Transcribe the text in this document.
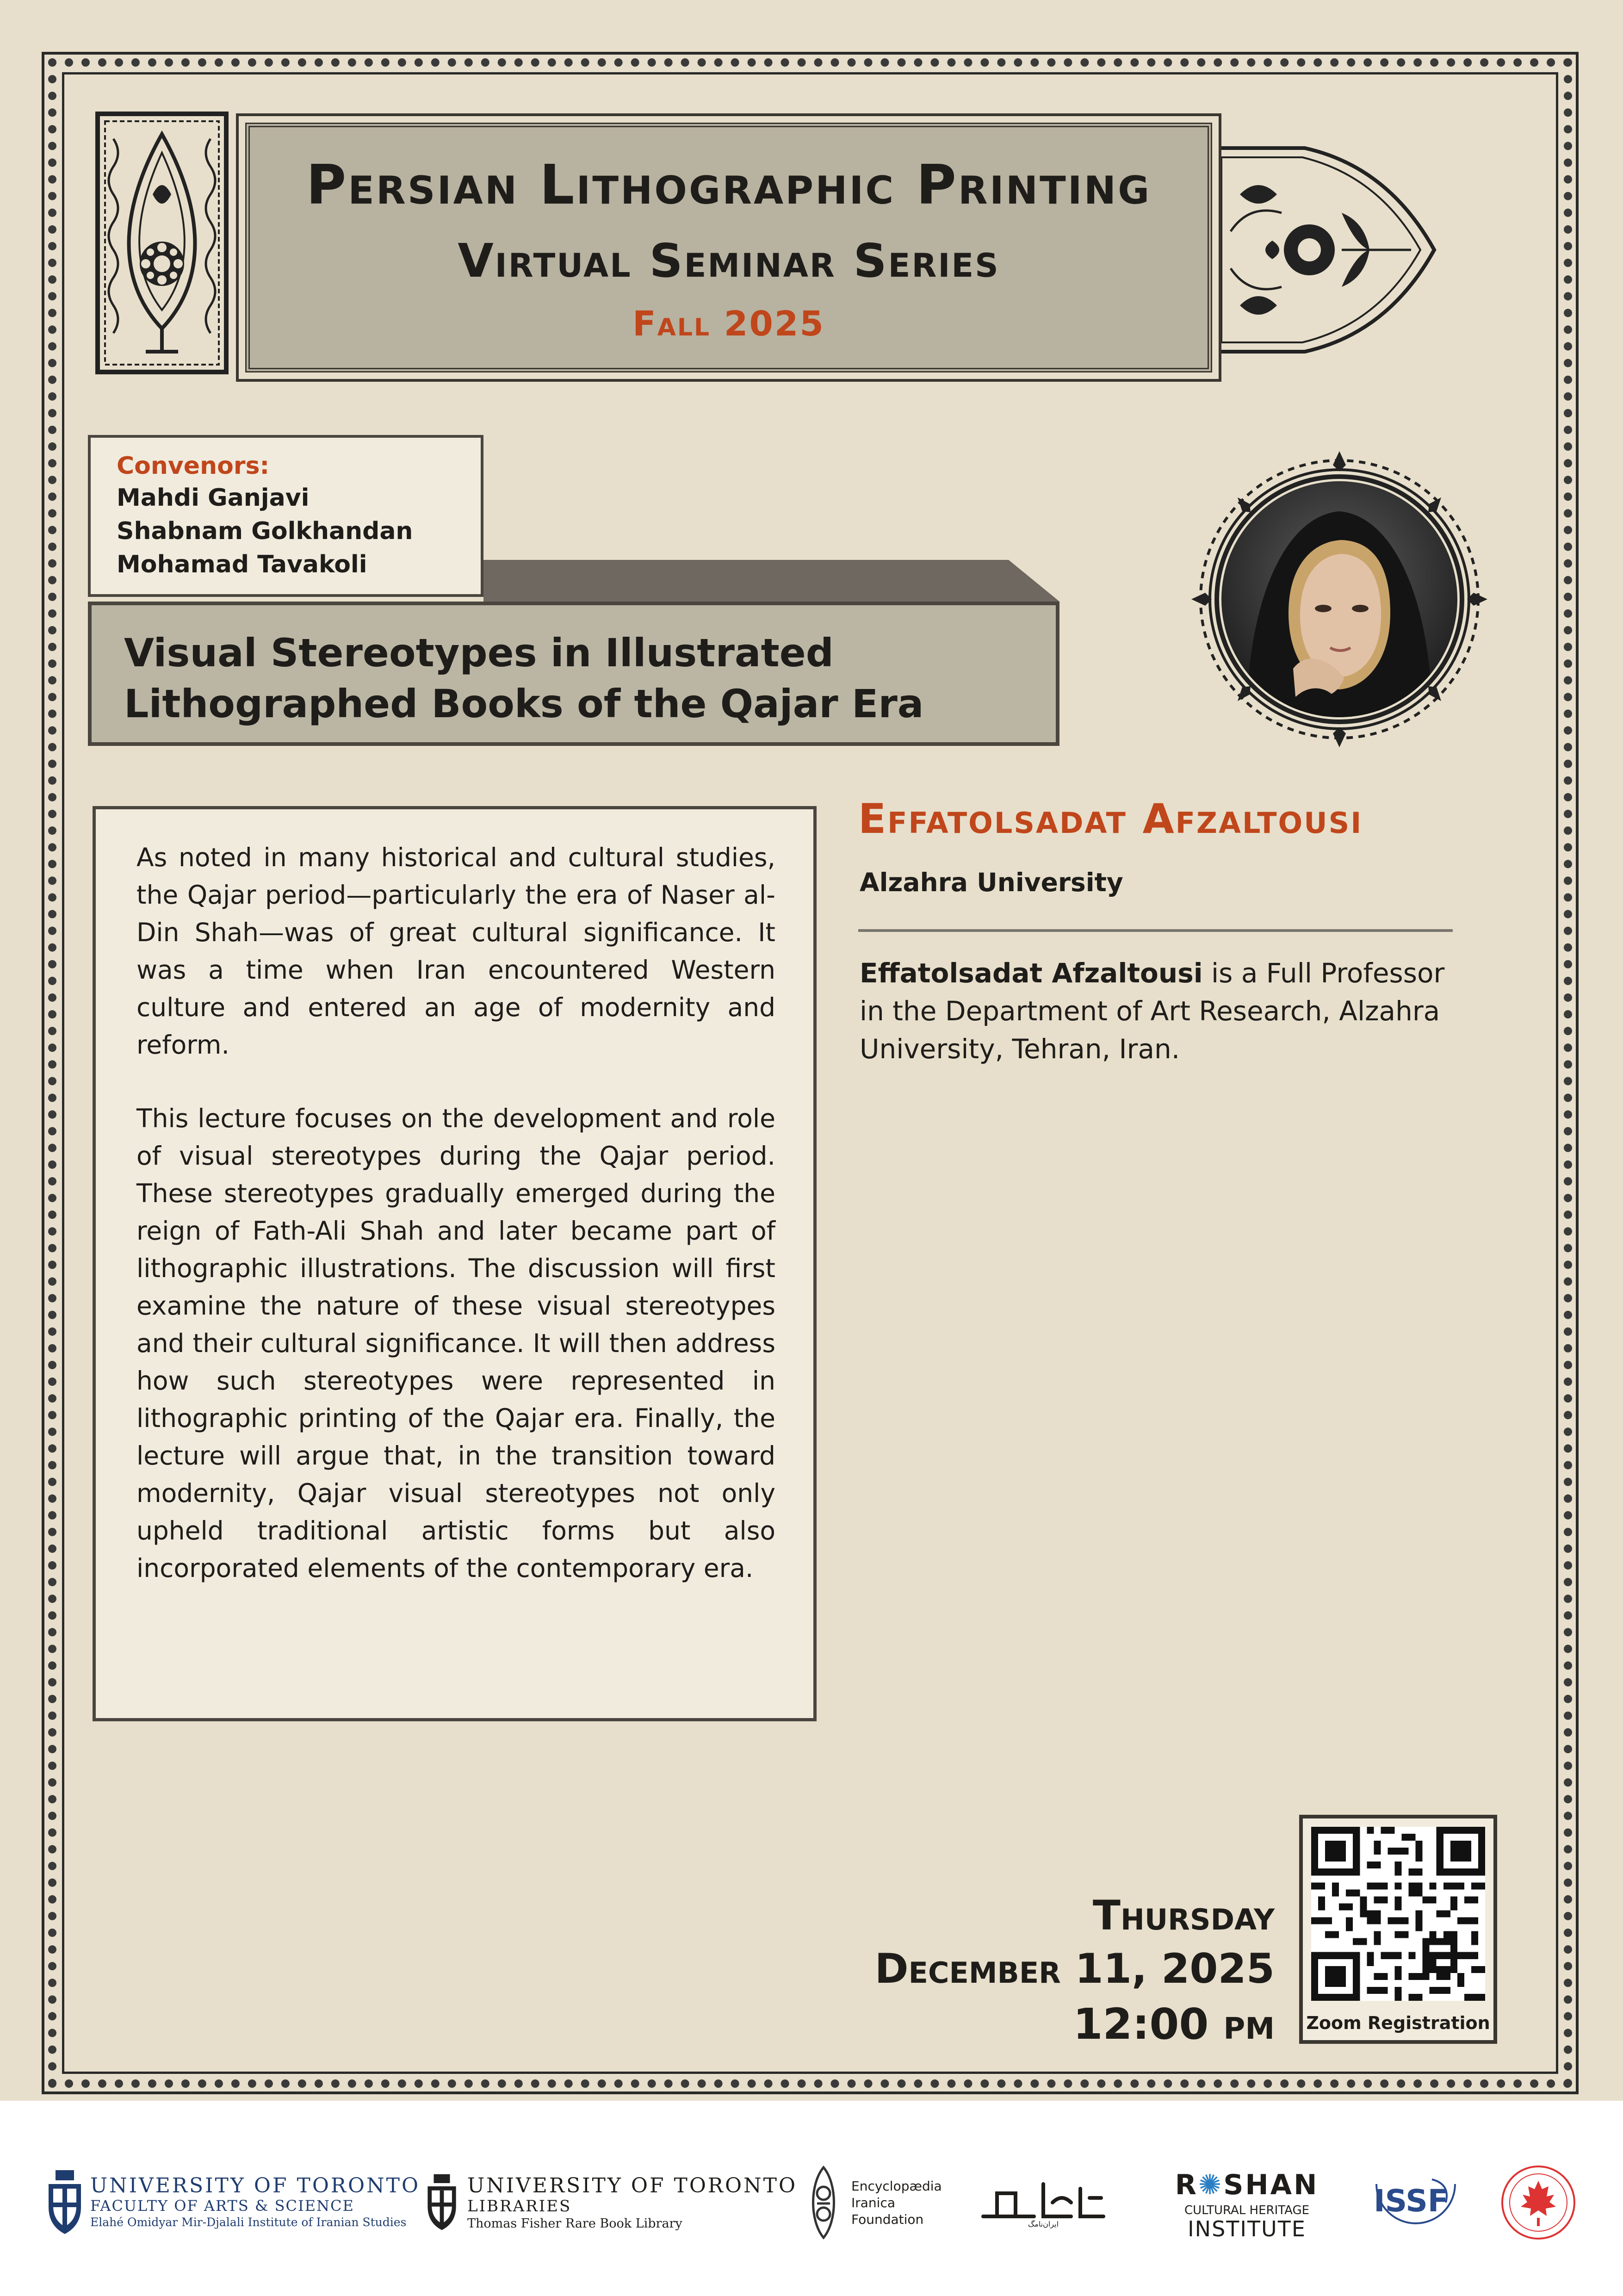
Persian Lithographic Printing
Virtual Seminar Series
Fall 2025
Convenors:
Mahdi Ganjavi
Shabnam Golkhandan
Mohamad Tavakoli
Visual Stereotypes in Illustrated
Lithographed Books of the Qajar Era

As noted in many historical and cultural studies, the Qajar period—particularly the era of Naser al-Din Shah—was of great cultural significance. It was a time when Iran encountered Western culture and entered an age of modernity and reform.

This lecture focuses on the development and role of visual stereotypes during the Qajar period. These stereotypes gradually emerged during the reign of Fath-Ali Shah and later became part of lithographic illustrations. The discussion will first examine the nature of these visual stereotypes and their cultural significance. It will then address how such stereotypes were represented in lithographic printing of the Qajar era. Finally, the lecture will argue that, in the transition toward modernity, Qajar visual stereotypes not only upheld traditional artistic forms but also incorporated elements of the contemporary era.

Effatolsadat Afzaltousi
Alzahra University
Effatolsadat Afzaltousi is a Full Professor in the Department of Art Research, Alzahra University, Tehran, Iran.
Thursday
December 11, 2025
12:00 pm Zoom Registration
UNIVERSITY OF TORONTO
FACULTY OF ARTS & SCIENCE
Elahé Omidyar Mir-Djalali Institute of Iranian Studies
UNIVERSITY OF TORONTO
LIBRARIES
Thomas Fisher Rare Book Library
Encyclopædia
Iranica
Foundation	ایران‌نامگ
R✺SHAN
CULTURAL HERITAGE
INSTITUTE
ISSF
